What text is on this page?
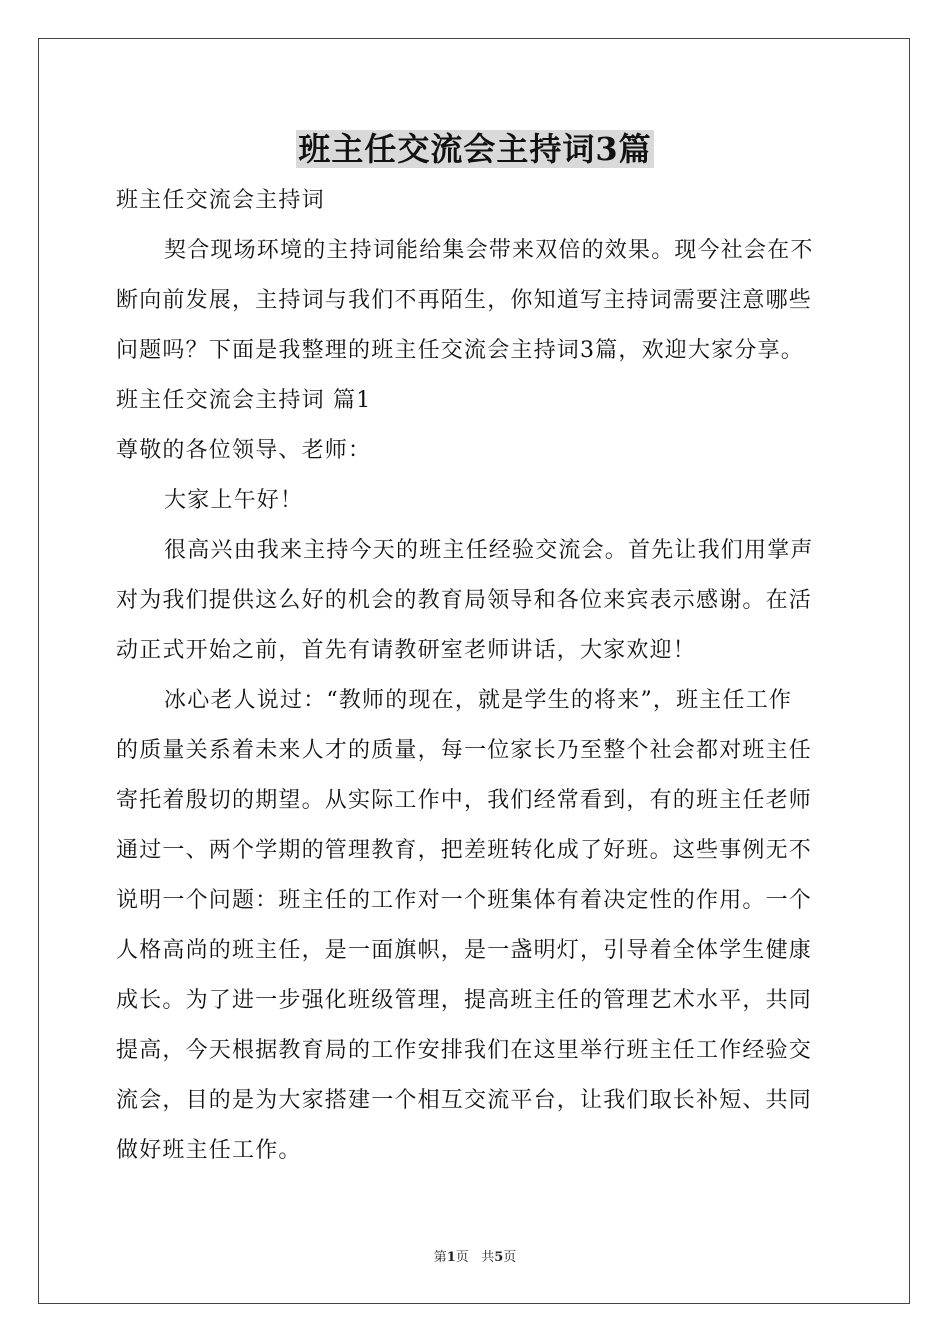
班主任交流会主持词3篇
班主任交流会主持词
契合现场环境的主持词能给集会带来双倍的效果。现今社会在不
断向前发展，主持词与我们不再陌生，你知道写主持词需要注意哪些
问题吗？下面是我整理的班主任交流会主持词3篇，欢迎大家分享。
班主任交流会主持词 篇1
尊敬的各位领导、老师：
大家上午好！
很高兴由我来主持今天的班主任经验交流会。首先让我们用掌声
对为我们提供这么好的机会的教育局领导和各位来宾表示感谢。在活
动正式开始之前，首先有请教研室老师讲话，大家欢迎！
冰心老人说过：“教师的现在，就是学生的将来”，班主任工作
的质量关系着未来人才的质量，每一位家长乃至整个社会都对班主任
寄托着殷切的期望。从实际工作中，我们经常看到，有的班主任老师
通过一、两个学期的管理教育，把差班转化成了好班。这些事例无不
说明一个问题：班主任的工作对一个班集体有着决定性的作用。一个
人格高尚的班主任，是一面旗帜，是一盏明灯，引导着全体学生健康
成长。为了进一步强化班级管理，提高班主任的管理艺术水平，共同
提高，今天根据教育局的工作安排我们在这里举行班主任工作经验交
流会，目的是为大家搭建一个相互交流平台，让我们取长补短、共同
做好班主任工作。
第1页 共5页
